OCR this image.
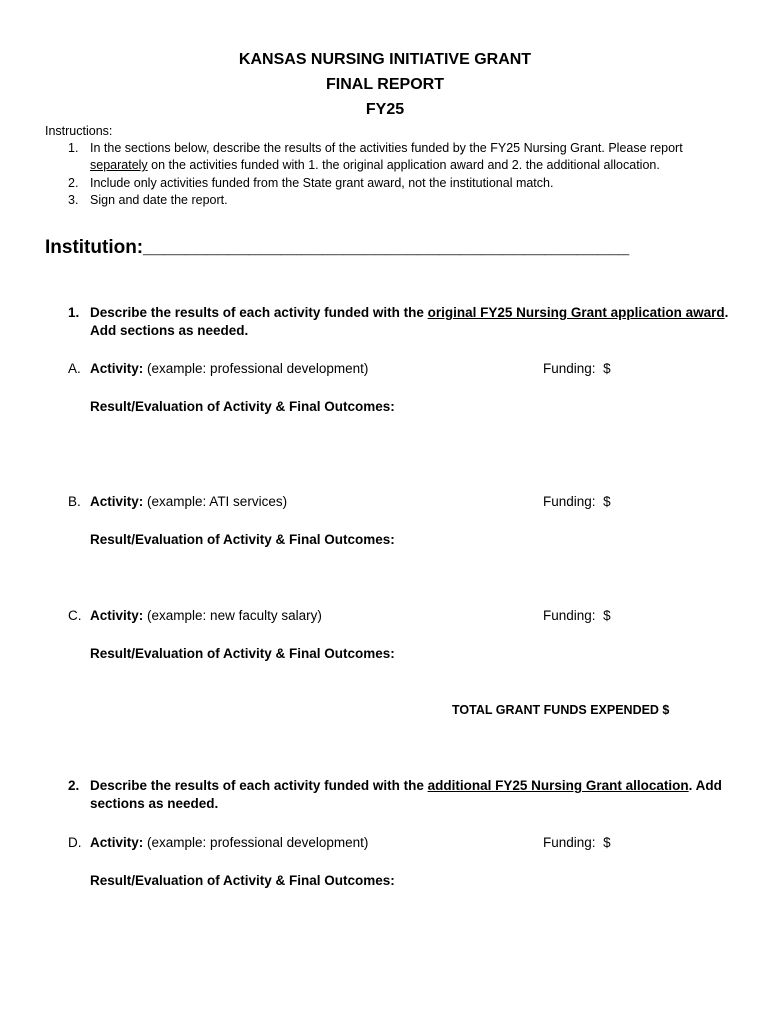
KANSAS NURSING INITIATIVE GRANT
FINAL REPORT
FY25
Instructions:
1. In the sections below, describe the results of the activities funded by the FY25 Nursing Grant. Please report
separately on the activities funded with 1. the original application award and 2. the additional allocation.
2. Include only activities funded from the State grant award, not the institutional match.
3. Sign and date the report.
Institution:______________________________________________
1. Describe the results of each activity funded with the original FY25 Nursing Grant application award.
Add sections as needed.
A. Activity: (example: professional development)	Funding: $
Result/Evaluation of Activity & Final Outcomes:
B. Activity: (example: ATI services)	Funding: $
Result/Evaluation of Activity & Final Outcomes:
C. Activity: (example: new faculty salary)	Funding: $
Result/Evaluation of Activity & Final Outcomes:
TOTAL GRANT FUNDS EXPENDED $
2. Describe the results of each activity funded with the additional FY25 Nursing Grant allocation. Add
sections as needed.
D. Activity: (example: professional development)	Funding: $
Result/Evaluation of Activity & Final Outcomes:
